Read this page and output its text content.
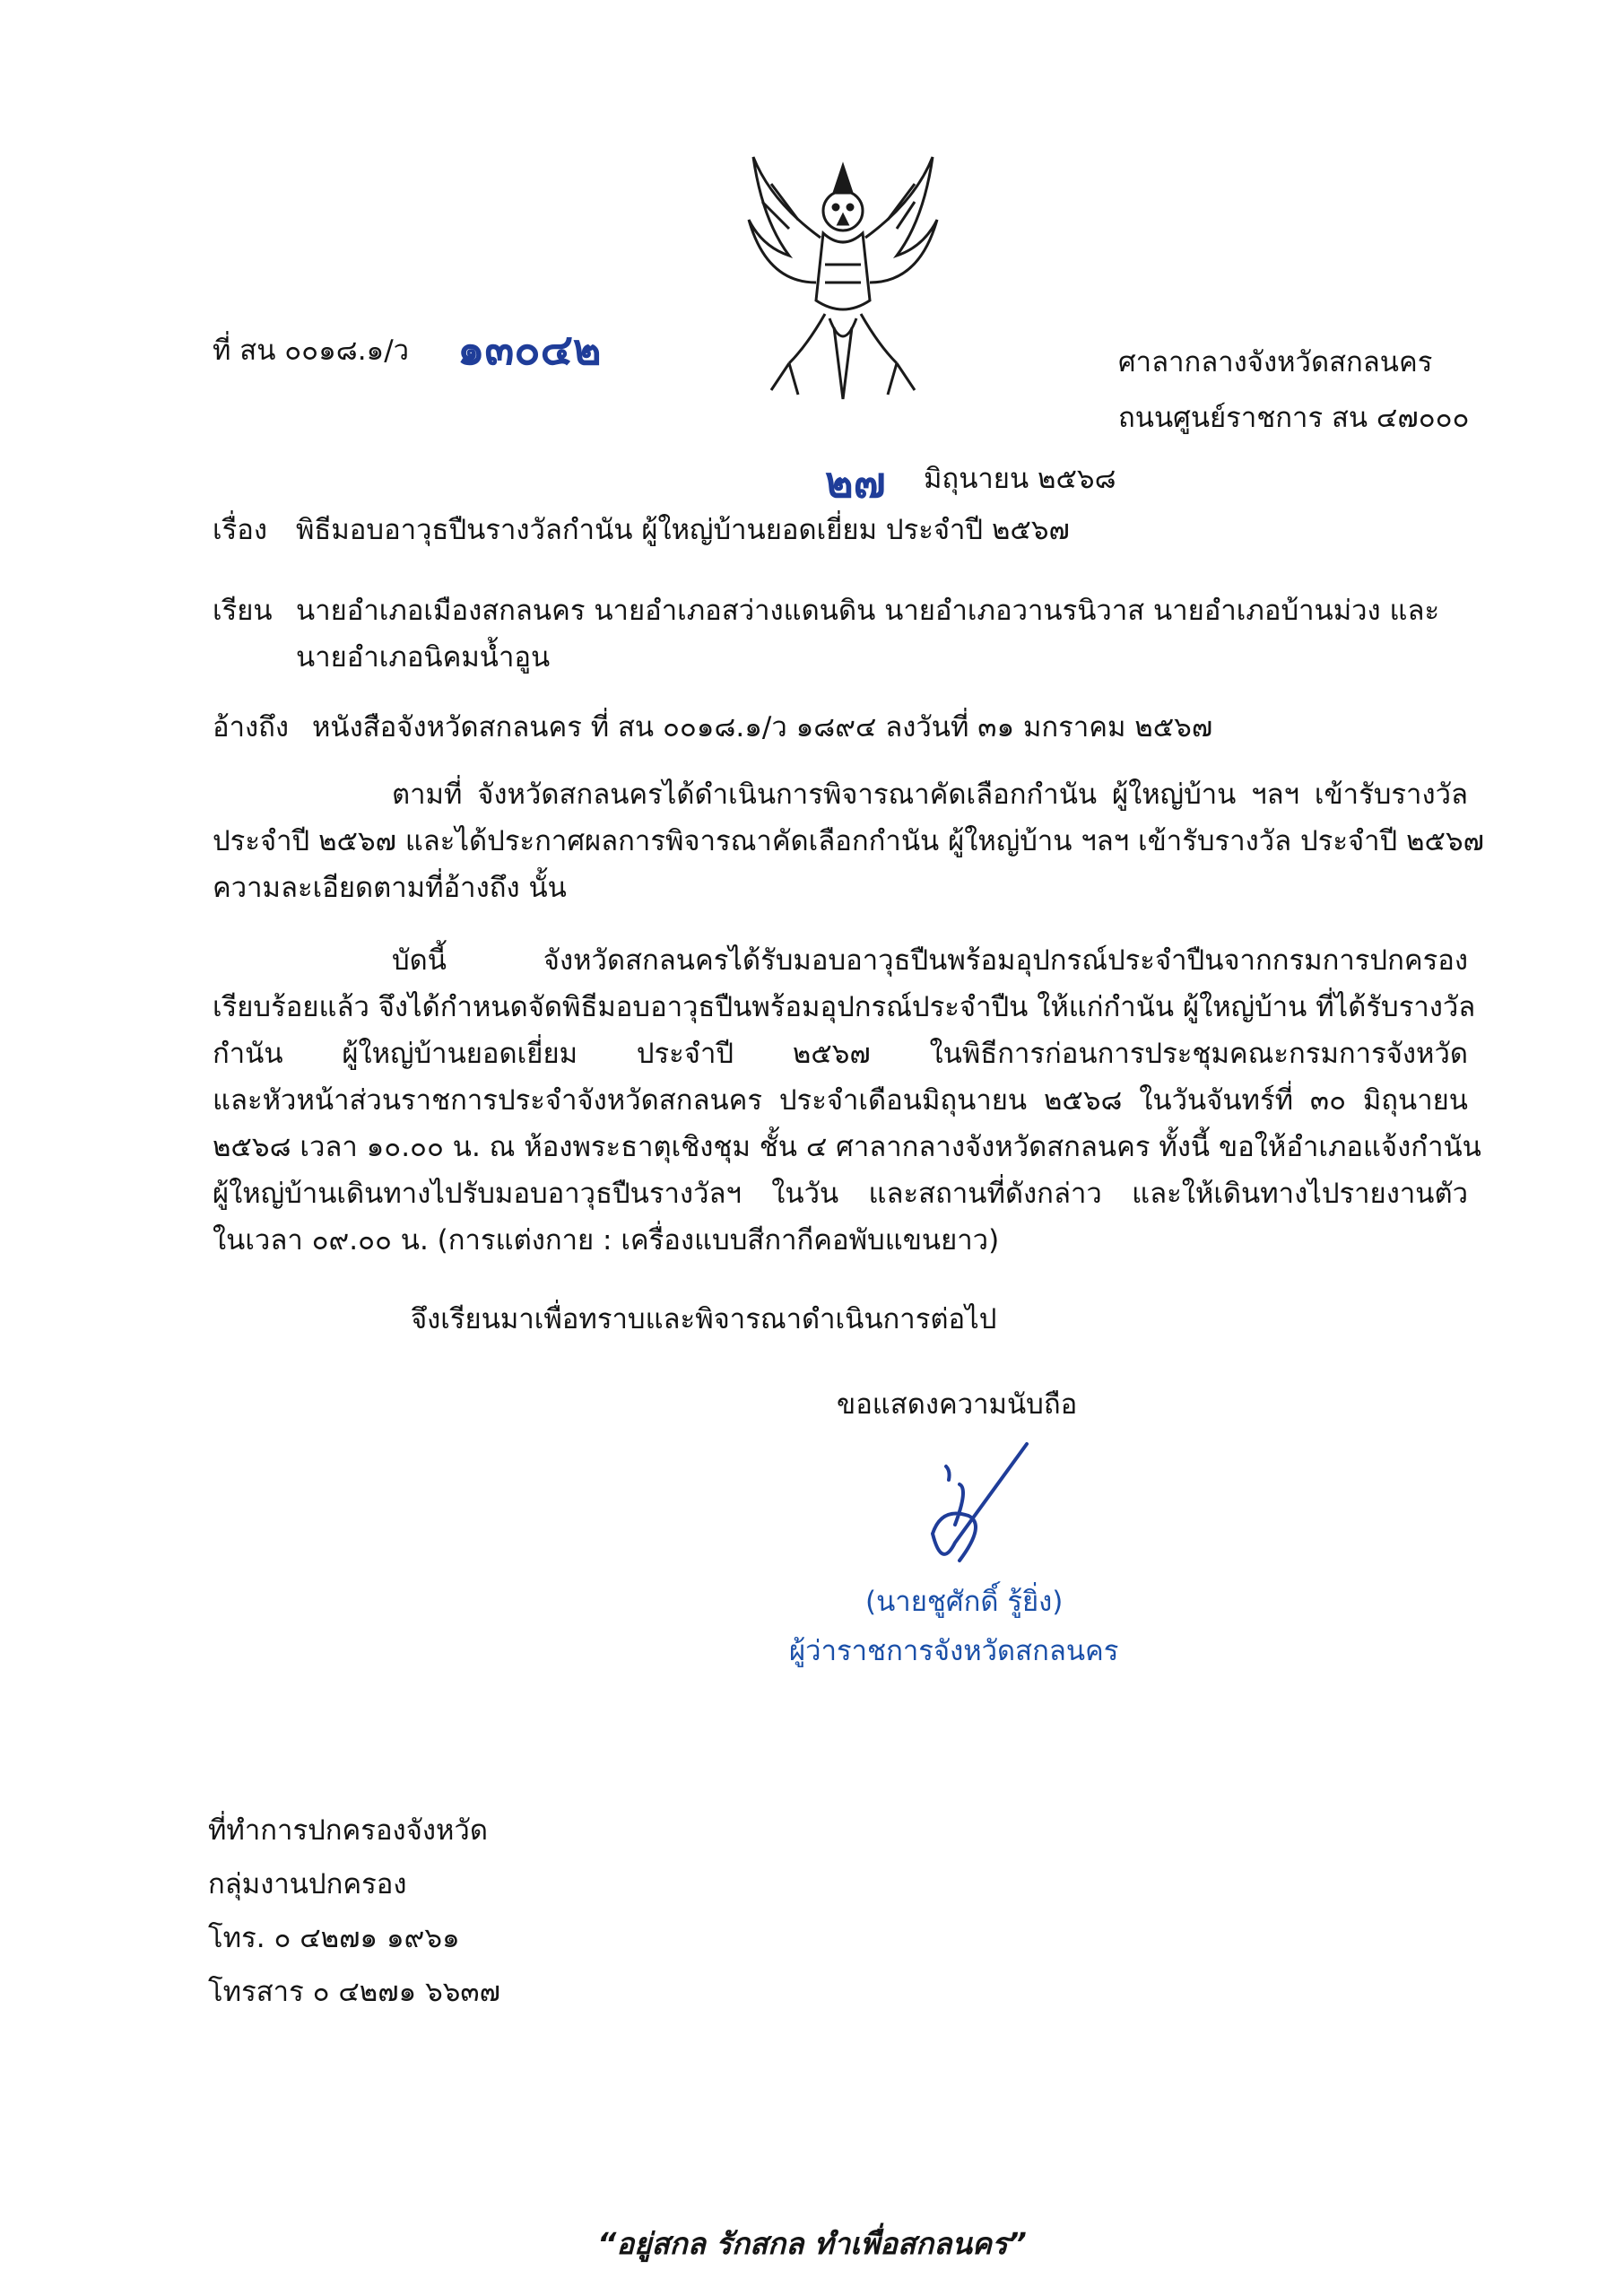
ที่ สน ๐๐๑๘.๑/ว ๑๓๐๔๒	ศาลากลางจังหวัดสกลนคร
ถนนศูนย์ราชการ สน ๔๗๐๐๐
๒๗ มิถุนายน ๒๕๖๘
เรื่อง พิธีมอบอาวุธปืนรางวัลกำนัน ผู้ใหญ่บ้านยอดเยี่ยม ประจำปี ๒๕๖๗
เรียน นายอำเภอเมืองสกลนคร นายอำเภอสว่างแดนดิน นายอำเภอวานรนิวาส นายอำเภอบ้านม่วง และ
นายอำเภอนิคมน้ำอูน
อ้างถึง หนังสือจังหวัดสกลนคร ที่ สน ๐๐๑๘.๑/ว ๑๘๙๔ ลงวันที่ ๓๑ มกราคม ๒๕๖๗
ตามที่ จังหวัดสกลนครได้ดำเนินการพิจารณาคัดเลือกกำนัน ผู้ใหญ่บ้าน ฯลฯ เข้ารับรางวัล
ประจำปี ๒๕๖๗ และได้ประกาศผลการพิจารณาคัดเลือกกำนัน ผู้ใหญ่บ้าน ฯลฯ เข้ารับรางวัล ประจำปี ๒๕๖๗
ความละเอียดตามที่อ้างถึง นั้น
บัดนี้ จังหวัดสกลนครได้รับมอบอาวุธปืนพร้อมอุปกรณ์ประจำปืนจากกรมการปกครอง
เรียบร้อยแล้ว จึงได้กำหนดจัดพิธีมอบอาวุธปืนพร้อมอุปกรณ์ประจำปืน ให้แก่กำนัน ผู้ใหญ่บ้าน ที่ได้รับรางวัล
กำนัน ผู้ใหญ่บ้านยอดเยี่ยม ประจำปี ๒๕๖๗ ในพิธีการก่อนการประชุมคณะกรมการจังหวัด
และหัวหน้าส่วนราชการประจำจังหวัดสกลนคร ประจำเดือนมิถุนายน ๒๕๖๘ ในวันจันทร์ที่ ๓๐ มิถุนายน
๒๕๖๘ เวลา ๑๐.๐๐ น. ณ ห้องพระธาตุเชิงชุม ชั้น ๔ ศาลากลางจังหวัดสกลนคร ทั้งนี้ ขอให้อำเภอแจ้งกำนัน
ผู้ใหญ่บ้านเดินทางไปรับมอบอาวุธปืนรางวัลฯ ในวัน และสถานที่ดังกล่าว และให้เดินทางไปรายงานตัว
ในเวลา ๐๙.๐๐ น. (การแต่งกาย : เครื่องแบบสีกากีคอพับแขนยาว)
จึงเรียนมาเพื่อทราบและพิจารณาดำเนินการต่อไป
ขอแสดงความนับถือ
(นายชูศักดิ์ รู้ยิ่ง)
ผู้ว่าราชการจังหวัดสกลนคร
ที่ทำการปกครองจังหวัด
กลุ่มงานปกครอง
โทร. ๐ ๔๒๗๑ ๑๙๖๑
โทรสาร ๐ ๔๒๗๑ ๖๖๓๗
“อยู่สกล รักสกล ทำเพื่อสกลนคร”
